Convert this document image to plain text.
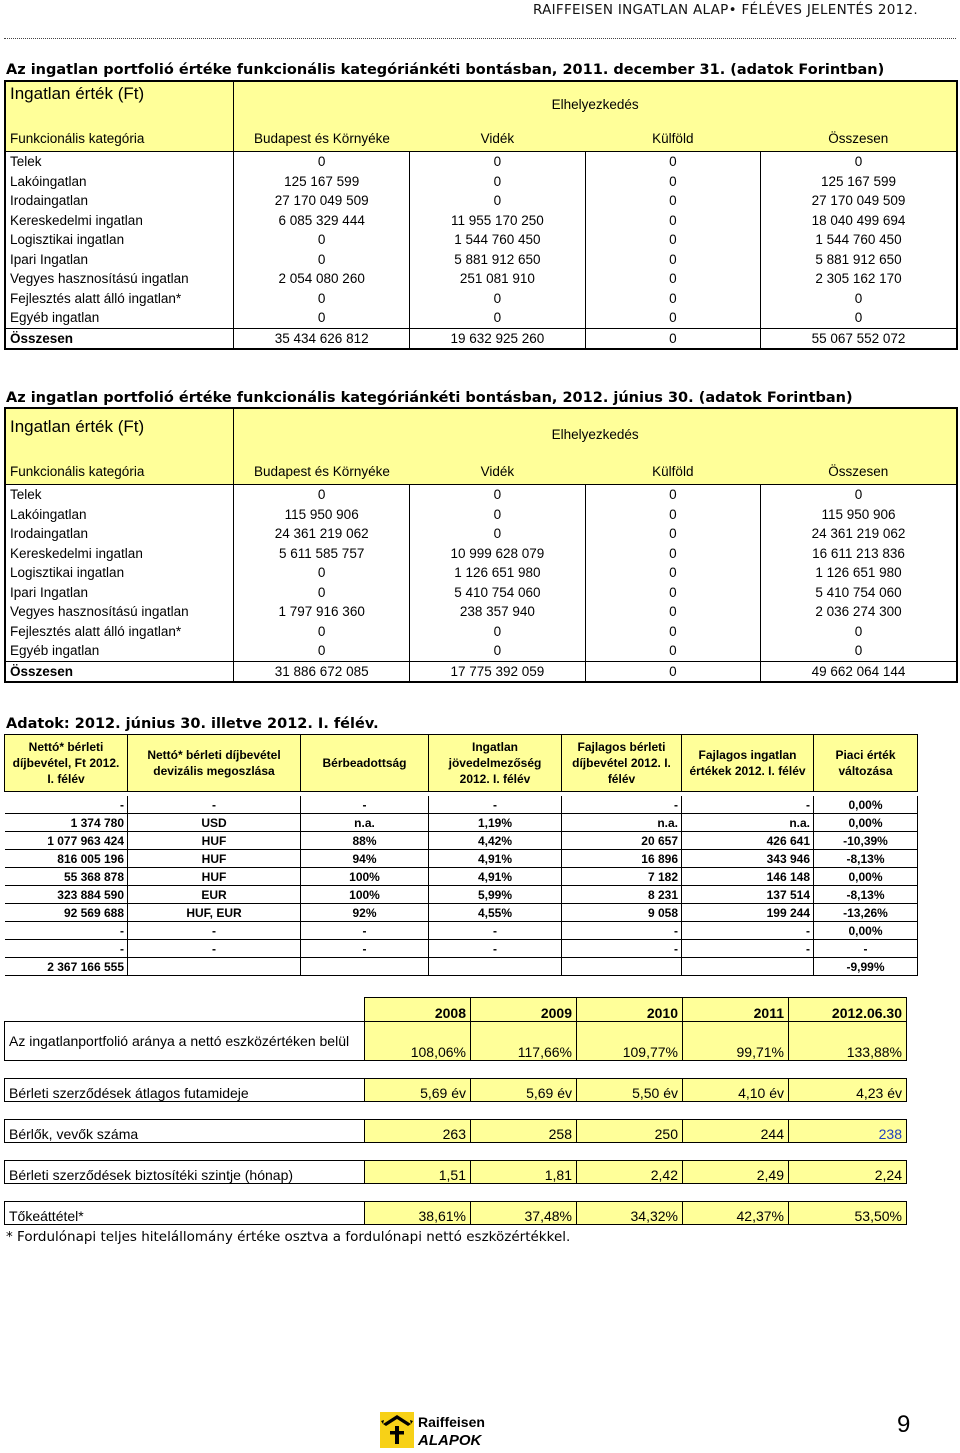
RAIFFEISEN INGATLAN ALAP• FÉLÉVES JELENTÉS 2012.
Az ingatlan portfolió értéke funkcionális kategóriánkéti bontásban, 2011. december 31. (adatok Forintban)
Ingatlan érték (Ft)	Elhelyezkedés			
Funkcionális kategória	Budapest és Környéke	Vidék	Külföld	Összesen
Telek	0	0	0	0
Lakóingatlan	125 167 599	0	0	125 167 599
Irodaingatlan	27 170 049 509	0	0	27 170 049 509
Kereskedelmi ingatlan	6 085 329 444	11 955 170 250	0	18 040 499 694
Logisztikai ingatlan	0	1 544 760 450	0	1 544 760 450
Ipari Ingatlan	0	5 881 912 650	0	5 881 912 650
Vegyes hasznosítású ingatlan	2 054 080 260	251 081 910	0	2 305 162 170
Fejlesztés alatt álló ingatlan*	0	0	0	0
Egyéb ingatlan	0	0	0	0
Összesen	35 434 626 812	19 632 925 260	0	55 067 552 072
Az ingatlan portfolió értéke funkcionális kategóriánkéti bontásban, 2012. június 30. (adatok Forintban)
Ingatlan érték (Ft)	Elhelyezkedés			
Funkcionális kategória	Budapest és Környéke	Vidék	Külföld	Összesen
Telek	0	0	0	0
Lakóingatlan	115 950 906	0	0	115 950 906
Irodaingatlan	24 361 219 062	0	0	24 361 219 062
Kereskedelmi ingatlan	5 611 585 757	10 999 628 079	0	16 611 213 836
Logisztikai ingatlan	0	1 126 651 980	0	1 126 651 980
Ipari Ingatlan	0	5 410 754 060	0	5 410 754 060
Vegyes hasznosítású ingatlan	1 797 916 360	238 357 940	0	2 036 274 300
Fejlesztés alatt álló ingatlan*	0	0	0	0
Egyéb ingatlan	0	0	0	0
Összesen	31 886 672 085	17 775 392 059	0	49 662 064 144
Adatok: 2012. június 30. illetve 2012. I. félév.
Nettó* bérleti díjbevétel, Ft 2012. I. félév	Nettó* bérleti díjbevétel devizális megoszlása	Bérbeadottság	Ingatlan jövedelmezőség 2012. I. félév	Fajlagos bérleti díjbevétel 2012. I. félév	Fajlagos ingatlan értékek 2012. I. félév	Piaci érték változása

-	-	-	-	-	-	0,00%
1 374 780	USD	n.a.	1,19%	n.a.	n.a.	0,00%
1 077 963 424	HUF	88%	4,42%	20 657	426 641	-10,39%
816 005 196	HUF	94%	4,91%	16 896	343 946	-8,13%
55 368 878	HUF	100%	4,91%	7 182	146 148	0,00%
323 884 590	EUR	100%	5,99%	8 231	137 514	-8,13%
92 569 688	HUF, EUR	92%	4,55%	9 058	199 244	-13,26%
-	-	-	-	-	-	0,00%
-	-	-	-	-	-	-
2 367 166 555						-9,99%
	2008	2009	2010	2011	2012.06.30
Az ingatlanportfolió aránya a nettó eszközértéken belül	108,06%	117,66%	109,77%	99,71%	133,88%

Bérleti szerződések átlagos futamideje	5,69 év	5,69 év	5,50 év	4,10 év	4,23 év

Bérlők, vevők száma	263	258	250	244	238

Bérleti szerződések biztosítéki szintje (hónap)	1,51	1,81	2,42	2,49	2,24

Tőkeáttétel*	38,61%	37,48%	34,32%	42,37%	53,50%
* Fordulónapi teljes hitelállomány értéke osztva a fordulónapi nettó eszközértékkel.
Raiffeisen
ALAPOK
9
